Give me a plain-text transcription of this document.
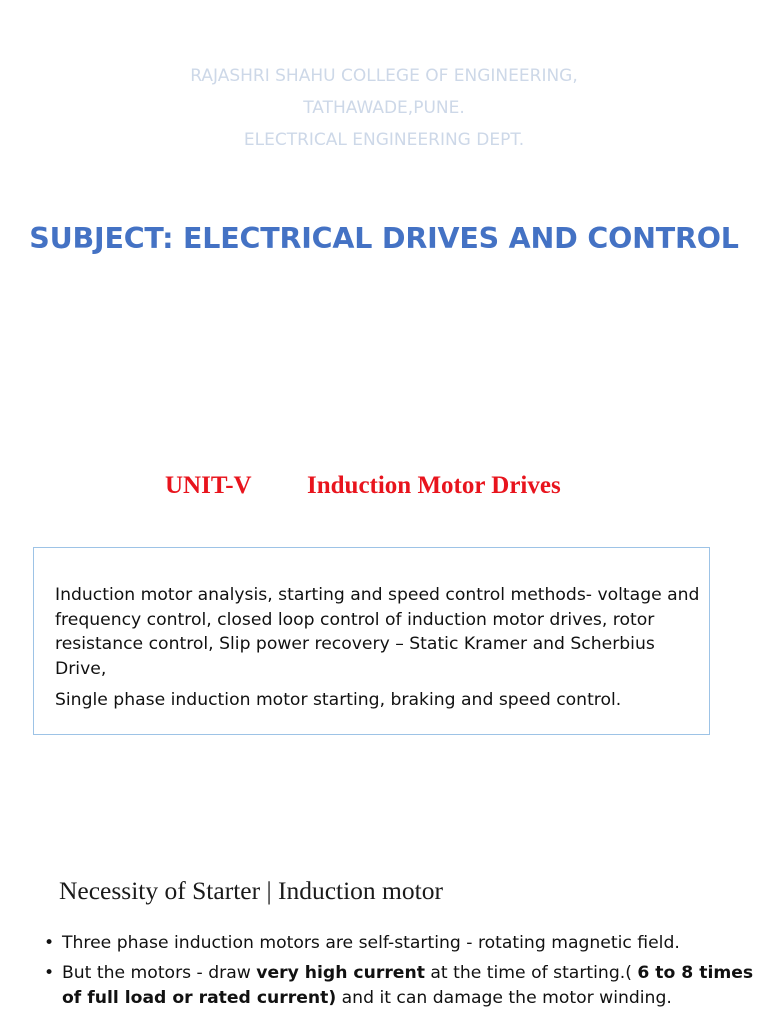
RAJASHRI SHAHU COLLEGE OF ENGINEERING,
TATHAWADE,PUNE.
ELECTRICAL ENGINEERING DEPT.
SUBJECT: ELECTRICAL DRIVES AND CONTROL
UNIT-V Induction Motor Drives

Induction motor analysis, starting and speed control methods- voltage and frequency control, closed loop control of induction motor drives, rotor resistance control, Slip power recovery – Static Kramer and Scherbius Drive,

Single phase induction motor starting, braking and speed control.

Necessity of Starter | Induction motor
• Three phase induction motors are self-starting - rotating magnetic field.
• But the motors - draw very high current at the time of starting.( 6 to 8 times of full load or rated current) and it can damage the motor winding.
